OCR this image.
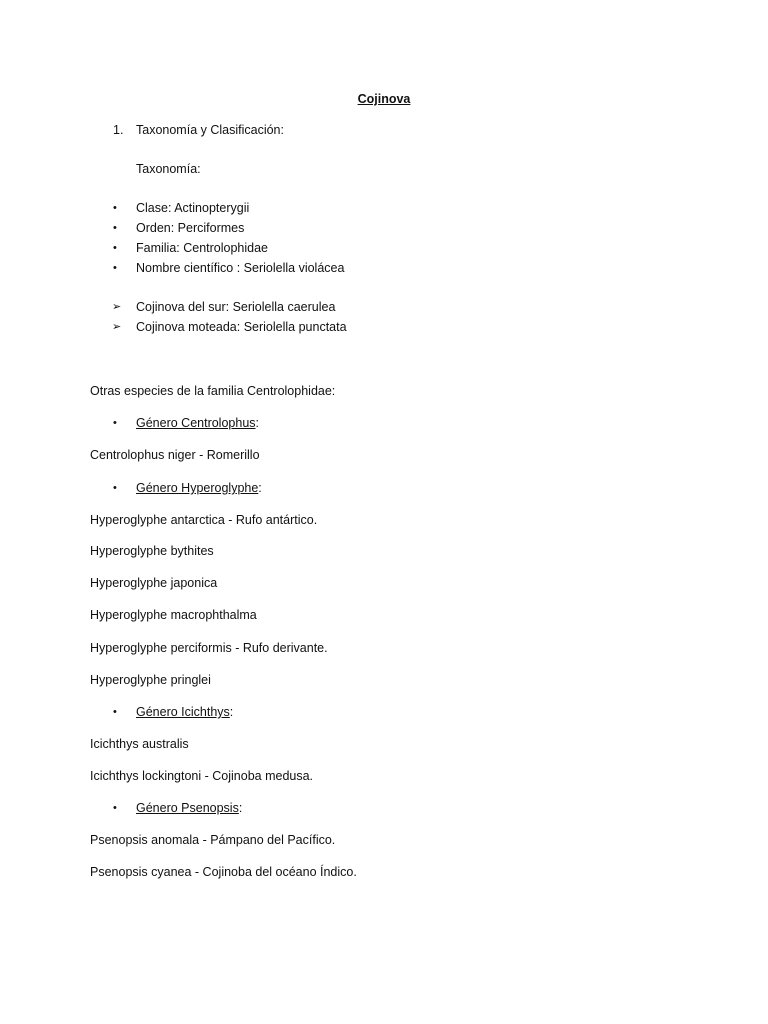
Cojinova
1. Taxonomía y Clasificación:
Taxonomía:
• Clase: Actinopterygii
• Orden: Perciformes
• Familia: Centrolophidae
• Nombre científico : Seriolella violácea
➢ Cojinova del sur: Seriolella caerulea
➢ Cojinova moteada: Seriolella punctata
Otras especies de la familia Centrolophidae:
• Género Centrolophus:
Centrolophus niger - Romerillo
• Género Hyperoglyphe:
Hyperoglyphe antarctica - Rufo antártico.
Hyperoglyphe bythites
Hyperoglyphe japonica
Hyperoglyphe macrophthalma
Hyperoglyphe perciformis - Rufo derivante.
Hyperoglyphe pringlei
• Género Icichthys:
Icichthys australis
Icichthys lockingtoni - Cojinoba medusa.
• Género Psenopsis:
Psenopsis anomala - Pámpano del Pacífico.
Psenopsis cyanea - Cojinoba del océano Índico.
